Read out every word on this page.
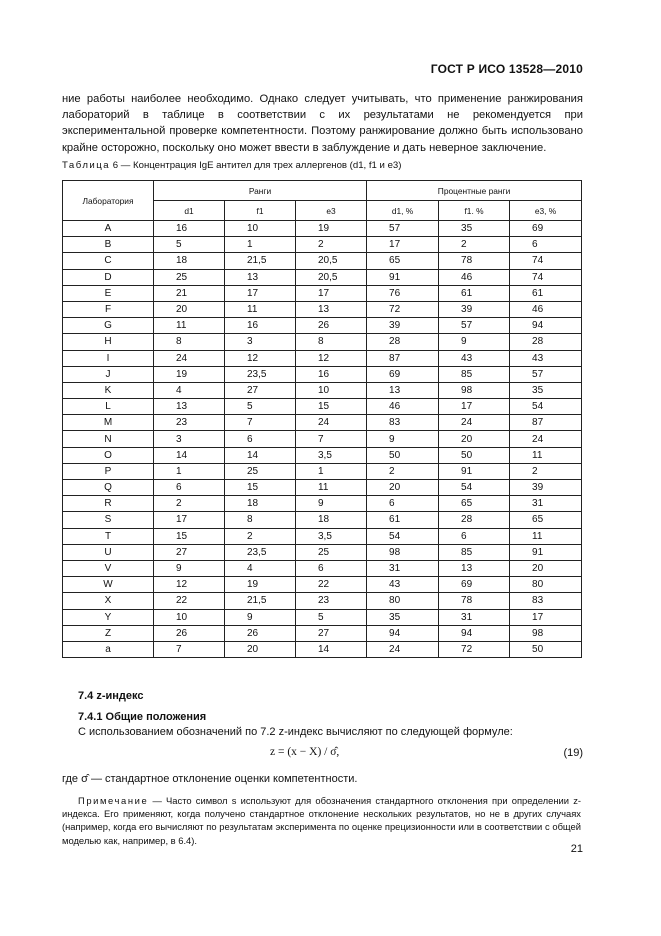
ГОСТ Р ИСО 13528—2010
ние работы наиболее необходимо. Однако следует учитывать, что применение ранжирования лабораторий в таблице в соответствии с их результатами не рекомендуется при экспериментальной проверке компетентности. Поэтому ранжирование должно быть использовано крайне осторожно, поскольку оно может ввести в заблуждение и дать неверное заключение.
Таблица 6 — Концентрация IgE антител для трех аллергенов (d1, f1 и e3)
Лаборатория	Ранги			Процентные ранги		
	d1	f1	e3	d1, %	f1. %	e3, %
A	16	10	19	57	35	69
B	5	1	2	17	2	6
C	18	21,5	20,5	65	78	74
D	25	13	20,5	91	46	74
E	21	17	17	76	61	61
F	20	11	13	72	39	46
G	11	16	26	39	57	94
H	8	3	8	28	9	28
I	24	12	12	87	43	43
J	19	23,5	16	69	85	57
K	4	27	10	13	98	35
L	13	5	15	46	17	54
M	23	7	24	83	24	87
N	3	6	7	9	20	24
O	14	14	3,5	50	50	11
P	1	25	1	2	91	2
Q	6	15	11	20	54	39
R	2	18	9	6	65	31
S	17	8	18	61	28	65
T	15	2	3,5	54	6	11
U	27	23,5	25	98	85	91
V	9	4	6	31	13	20
W	12	19	22	43	69	80
X	22	21,5	23	80	78	83
Y	10	9	5	35	31	17
Z	26	26	27	94	94	98
a	7	20	14	24	72	50
7.4 z-индекс
7.4.1 Общие положения
С использованием обозначений по 7.2 z-индекс вычисляют по следующей формуле:
z = (x − X) / σ̂,	(19)
где σ̂ — стандартное отклонение оценки компетентности.
Примечание — Часто символ s используют для обозначения стандартного отклонения при определении z-индекса. Его применяют, когда получено стандартное отклонение нескольких результатов, но не в других случаях (например, когда его вычисляют по результатам эксперимента по оценке прецизионности или в соответствии с общей моделью как, например, в 6.4).
21
